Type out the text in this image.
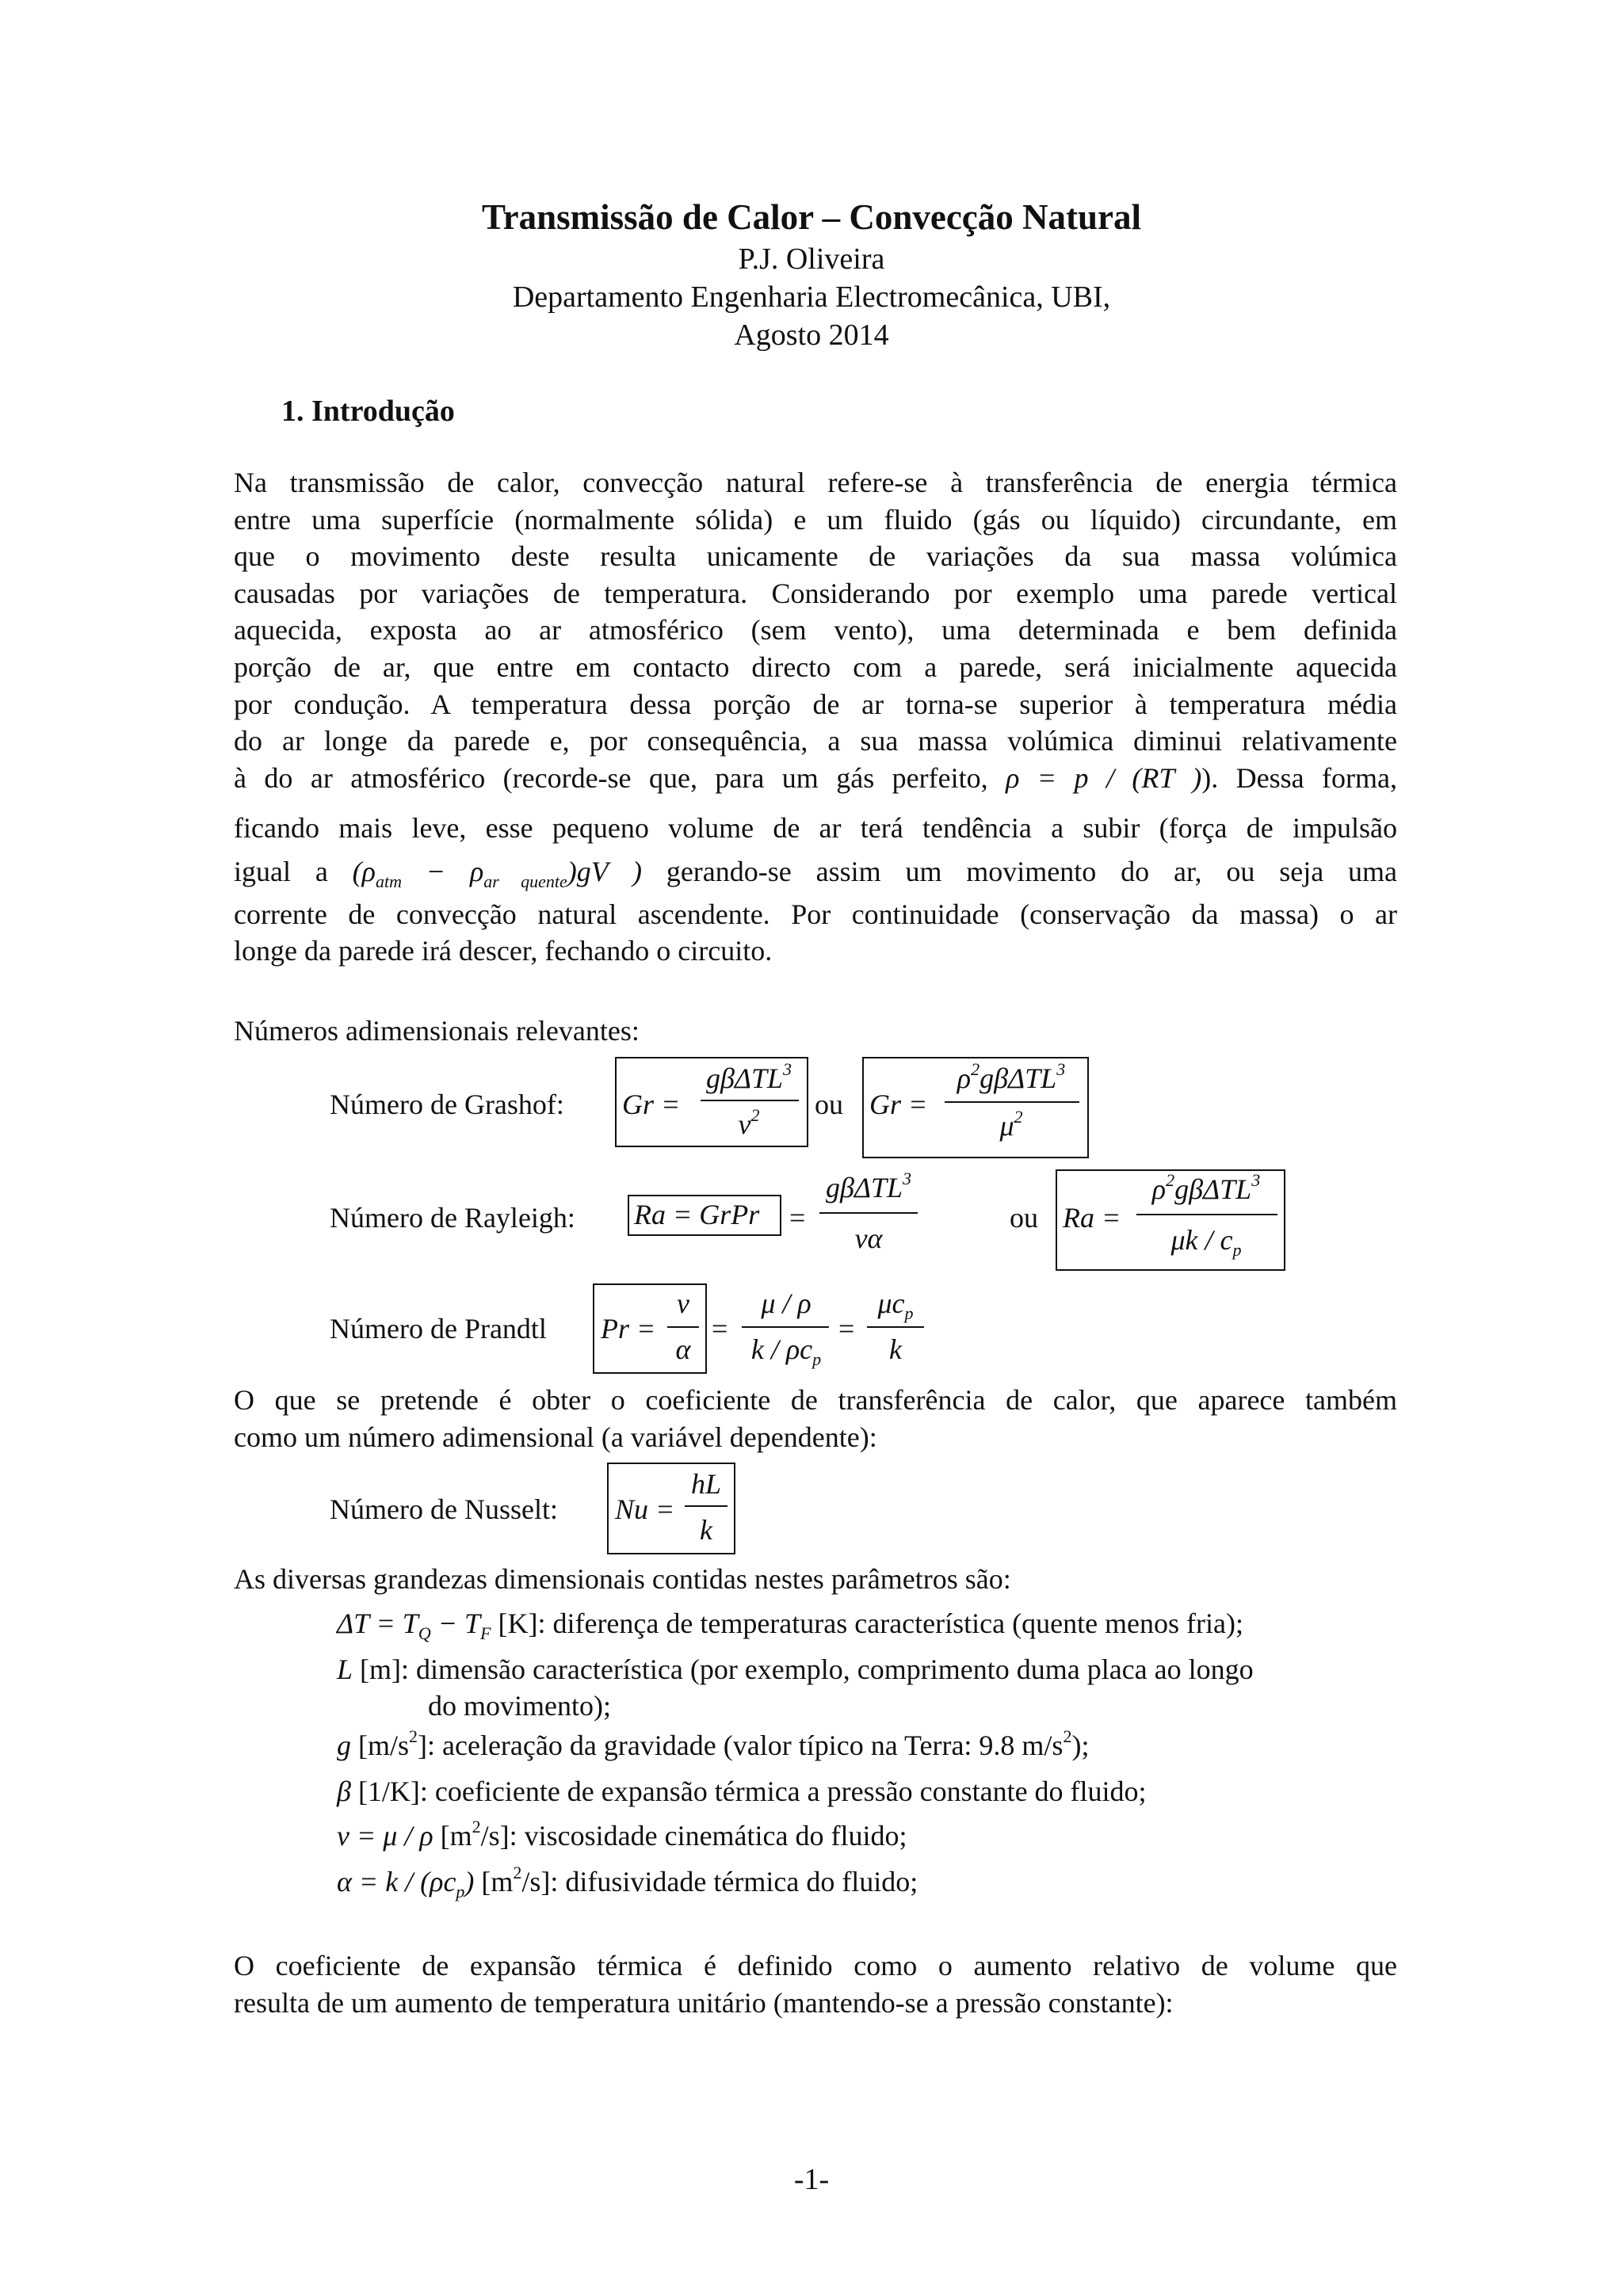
Transmissão de Calor – Convecção Natural
P.J. Oliveira
Departamento Engenharia Electromecânica, UBI,
Agosto 2014
1. Introdução
Na transmissão de calor, convecção natural refere-se à transferência de energia térmica
entre uma superfície (normalmente sólida) e um fluido (gás ou líquido) circundante, em
que o movimento deste resulta unicamente de variações da sua massa volúmica
causadas por variações de temperatura. Considerando por exemplo uma parede vertical
aquecida, exposta ao ar atmosférico (sem vento), uma determinada e bem definida
porção de ar, que entre em contacto directo com a parede, será inicialmente aquecida
por condução. A temperatura dessa porção de ar torna-se superior à temperatura média
do ar longe da parede e, por consequência, a sua massa volúmica diminui relativamente
à do ar atmosférico (recorde-se que, para um gás perfeito, ρ = p / (RT )). Dessa forma,
ficando mais leve, esse pequeno volume de ar terá tendência a subir (força de impulsão
igual a $(\rho_{atm} - \rho_{ar quente})gV$ ) gerando-se assim um movimento do ar, ou seja uma
corrente de convecção natural ascendente. Por continuidade (conservação da massa) o ar
longe da parede irá descer, fechando o circuito.
Números adimensionais relevantes:
Número de Grashof: Gr =
gβΔTL$^3$
$\nu^2$	ou Gr =
$\rho^2g\beta\Delta TL^3$
$\mu^2$
Número de Rayleigh: Ra = GrPr =
gβΔTL$^3$
να
ou Ra =
$\rho^2g\beta\Delta TL^3$
μk / $c_p$
Número de Prandtl Pr =
ν
α
=
μ / ρ
k / $\rho c_p$
=
$\mu c_p$
k
O que se pretende é obter o coeficiente de transferência de calor, que aparece também
como um número adimensional (a variável dependente):
Número de Nusselt: Nu =
hL
k
As diversas grandezas dimensionais contidas nestes parâmetros são:
$\Delta T = T_Q - T_F$ [K]: diferença de temperaturas característica (quente menos fria);
L [m]: dimensão característica (por exemplo, comprimento duma placa ao longo
do movimento);
g $[m/s^2]$: aceleração da gravidade (valor típico na Terra: 9.8 $m/s^2$);
β [1/K]: coeficiente de expansão térmica a pressão constante do fluido;
ν = μ / ρ $[m^2/s]$: viscosidade cinemática do fluido;
$\alpha = k / (\rho c_p)$ $[m^2/s]$: difusividade térmica do fluido;
O coeficiente de expansão térmica é definido como o aumento relativo de volume que
resulta de um aumento de temperatura unitário (mantendo-se a pressão constante):
-1-
